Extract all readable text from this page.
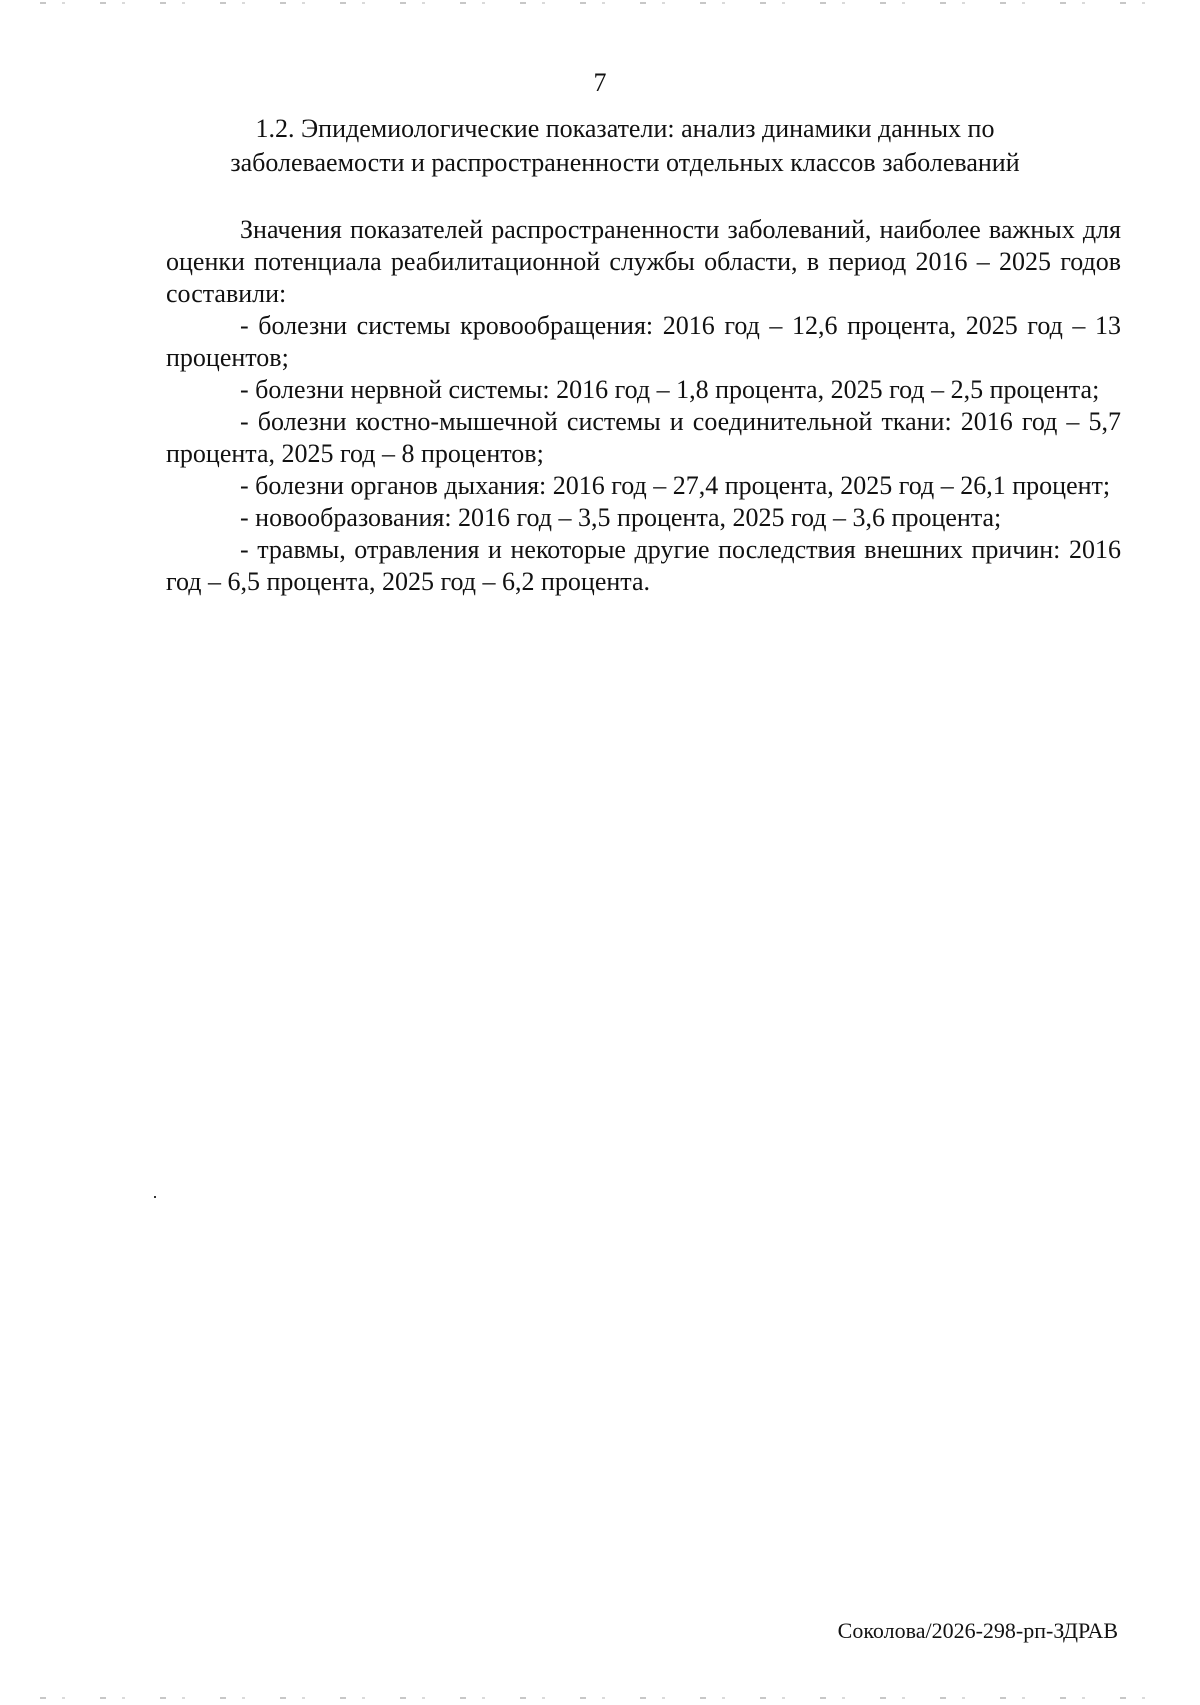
7
1.2. Эпидемиологические показатели: анализ динамики данных по
заболеваемости и распространенности отдельных классов заболеваний

Значения показателей распространенности заболеваний, наиболее важных для оценки потенциала реабилитационной службы области, в период 2016 – 2025 годов составили:

- болезни системы кровообращения: 2016 год – 12,6 процента, 2025 год – 13 процентов;

- болезни нервной системы: 2016 год – 1,8 процента, 2025 год – 2,5 процента;

- болезни костно-мышечной системы и соединительной ткани: 2016 год – 5,7 процента, 2025 год – 8 процентов;

- болезни органов дыхания: 2016 год – 27,4 процента, 2025 год – 26,1 процент;

- новообразования: 2016 год – 3,5 процента, 2025 год – 3,6 процента;

- травмы, отравления и некоторые другие последствия внешних причин: 2016 год – 6,5 процента, 2025 год – 6,2 процента.

Соколова/2026-298-рп-ЗДРАВ
